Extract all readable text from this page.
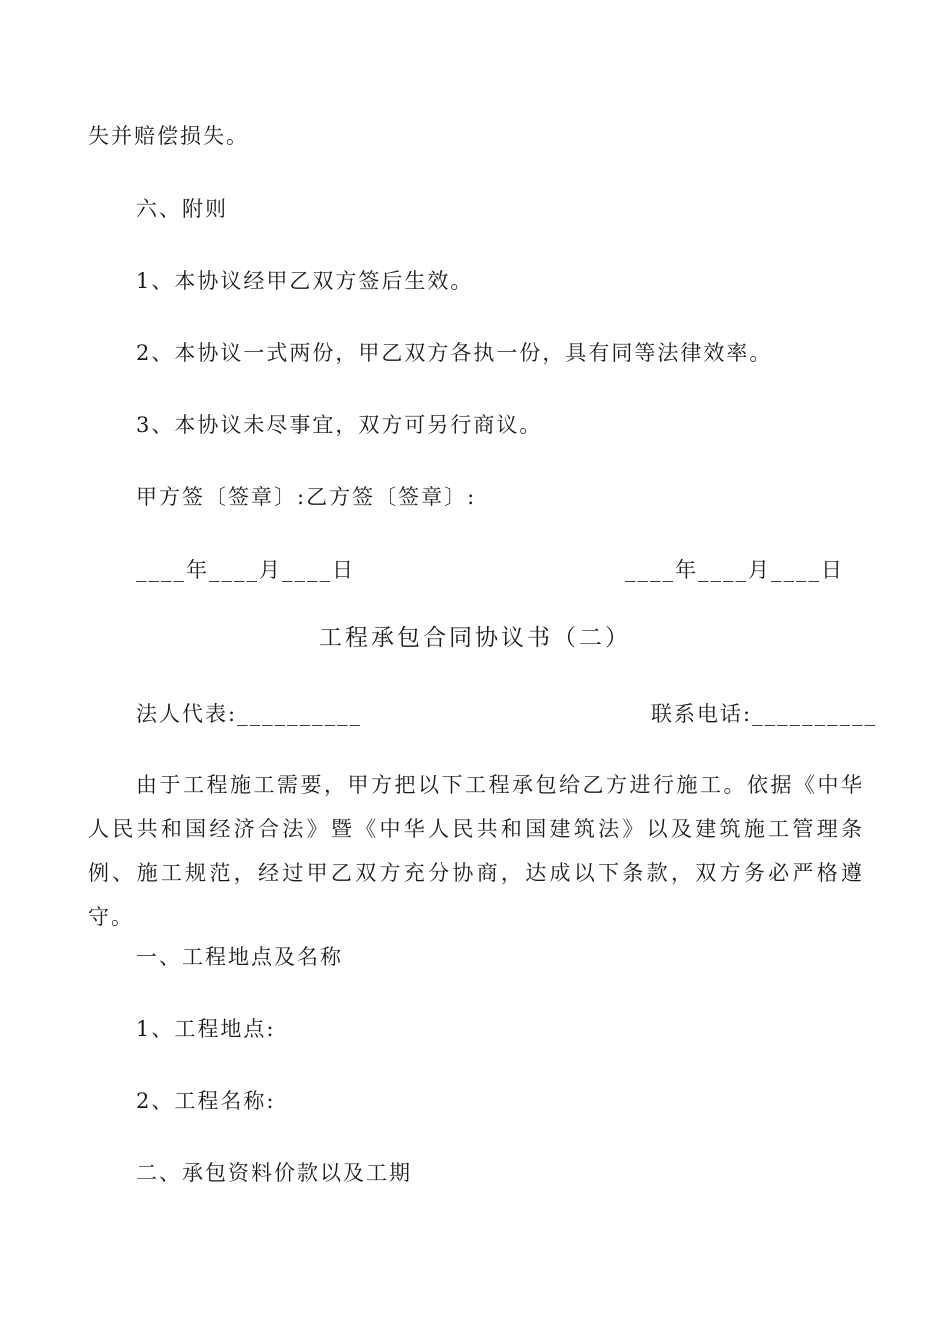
失并赔偿损失。
六、附则
1、本协议经甲乙双方签后生效。
2、本协议一式两份，甲乙双方各执一份，具有同等法律效率。
3、本协议未尽事宜，双方可另行商议。
甲方签〔签章〕:乙方签〔签章〕:
____年____月____日	____年____月____日
工程承包合同协议书（二）
法人代表:__________	联系电话:__________
由于工程施工需要，甲方把以下工程承包给乙方进行施工。依据《中华人民共和国经济合法》暨《中华人民共和国建筑法》以及建筑施工管理条例、施工规范，经过甲乙双方充分协商，达成以下条款，双方务必严格遵守。
一、工程地点及名称
1、工程地点:
2、工程名称:
二、承包资料价款以及工期
